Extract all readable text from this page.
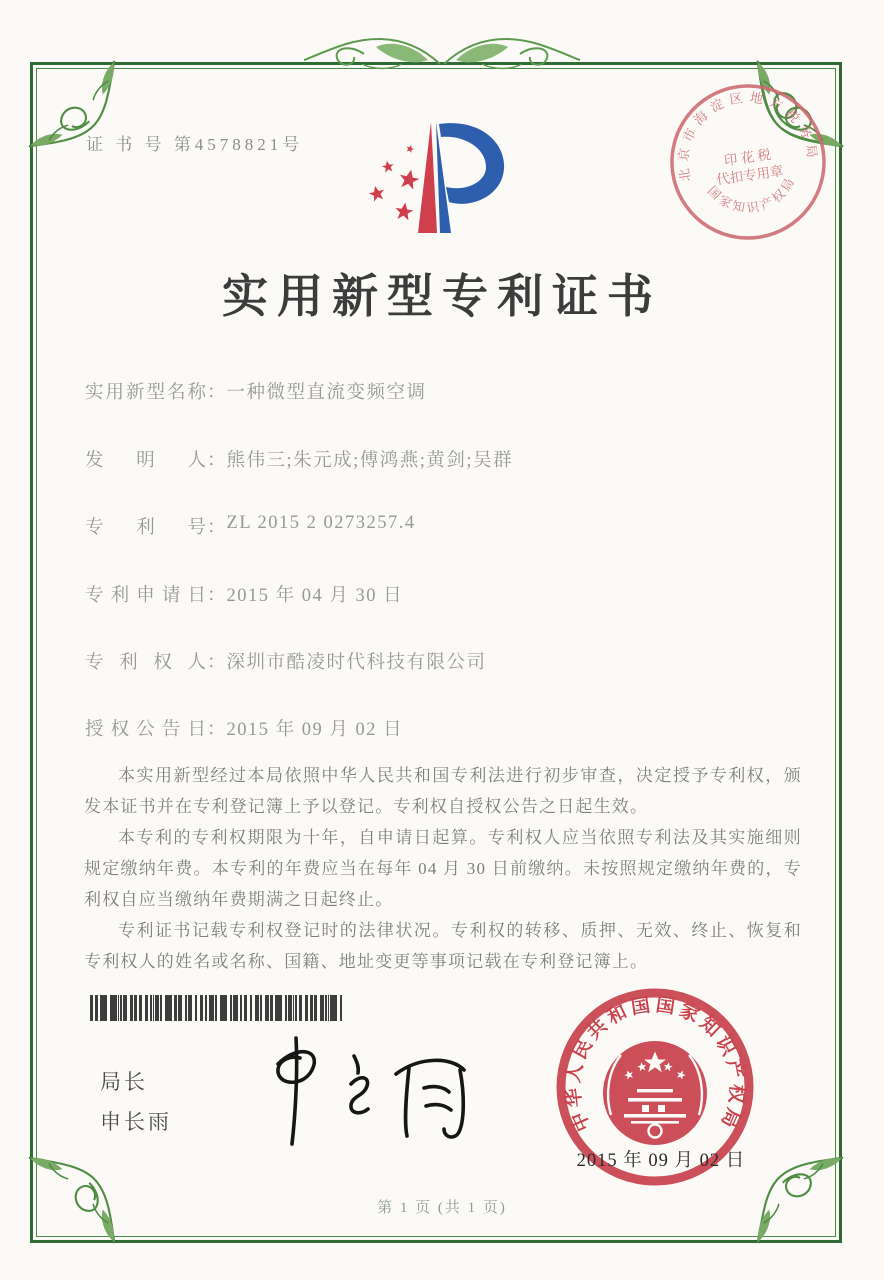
证 书 号 第4578821号
北京市海淀区地方税务局
国家知识产权局
印 花 税
代扣专用章
实用新型专利证书
实用新型名称：一种微型直流变频空调
发明人：熊伟三;朱元成;傅鸿燕;黄剑;吴群
专利号：ZL 2015 2 0273257.4
专利申请日：2015 年 04 月 30 日
专利权人：深圳市酷凌时代科技有限公司
授权公告日：2015 年 09 月 02 日

本实用新型经过本局依照中华人民共和国专利法进行初步审查，决定授予专利权，颁发本证书并在专利登记簿上予以登记。专利权自授权公告之日起生效。

本专利的专利权期限为十年，自申请日起算。专利权人应当依照专利法及其实施细则规定缴纳年费。本专利的年费应当在每年 04 月 30 日前缴纳。未按照规定缴纳年费的，专利权自应当缴纳年费期满之日起终止。

专利证书记载专利权登记时的法律状况。专利权的转移、质押、无效、终止、恢复和专利权人的姓名或名称、国籍、地址变更等事项记载在专利登记簿上。

局长
申长雨	中华人民共和国国家知识产权局
2015 年 09 月 02 日
第 1 页 (共 1 页)
